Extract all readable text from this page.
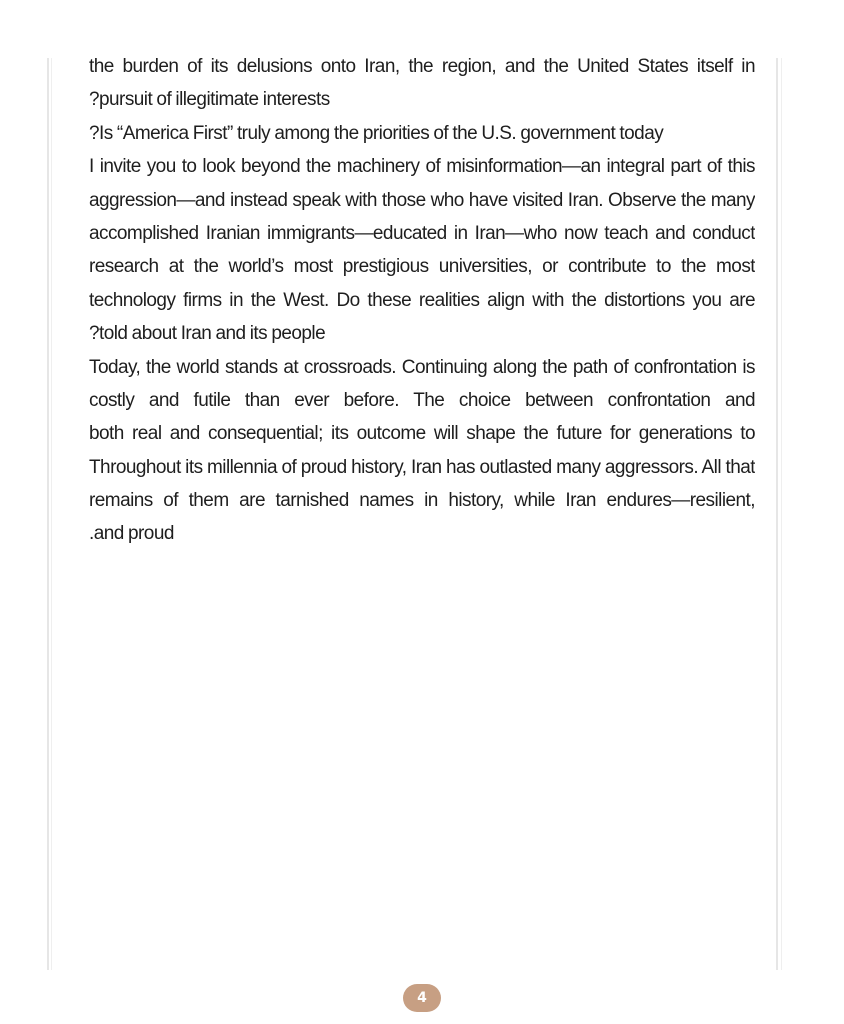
the burden of its delusions onto Iran, the region, and the United States itself in
?pursuit of illegitimate interests
?Is “America First” truly among the priorities of the U.S. government today
I invite you to look beyond the machinery of misinformation—an integral part of this
aggression—and instead speak with those who have visited Iran. Observe the many
accomplished Iranian immigrants—educated in Iran—who now teach and conduct
research at the world’s most prestigious universities, or contribute to the most
technology firms in the West. Do these realities align with the distortions you are
?told about Iran and its people
Today, the world stands at crossroads. Continuing along the path of confrontation is
costly and futile than ever before. The choice between confrontation and
both real and consequential; its outcome will shape the future for generations to
Throughout its millennia of proud history, Iran has outlasted many aggressors. All that
remains of them are tarnished names in history, while Iran endures—resilient,
.and proud
4
